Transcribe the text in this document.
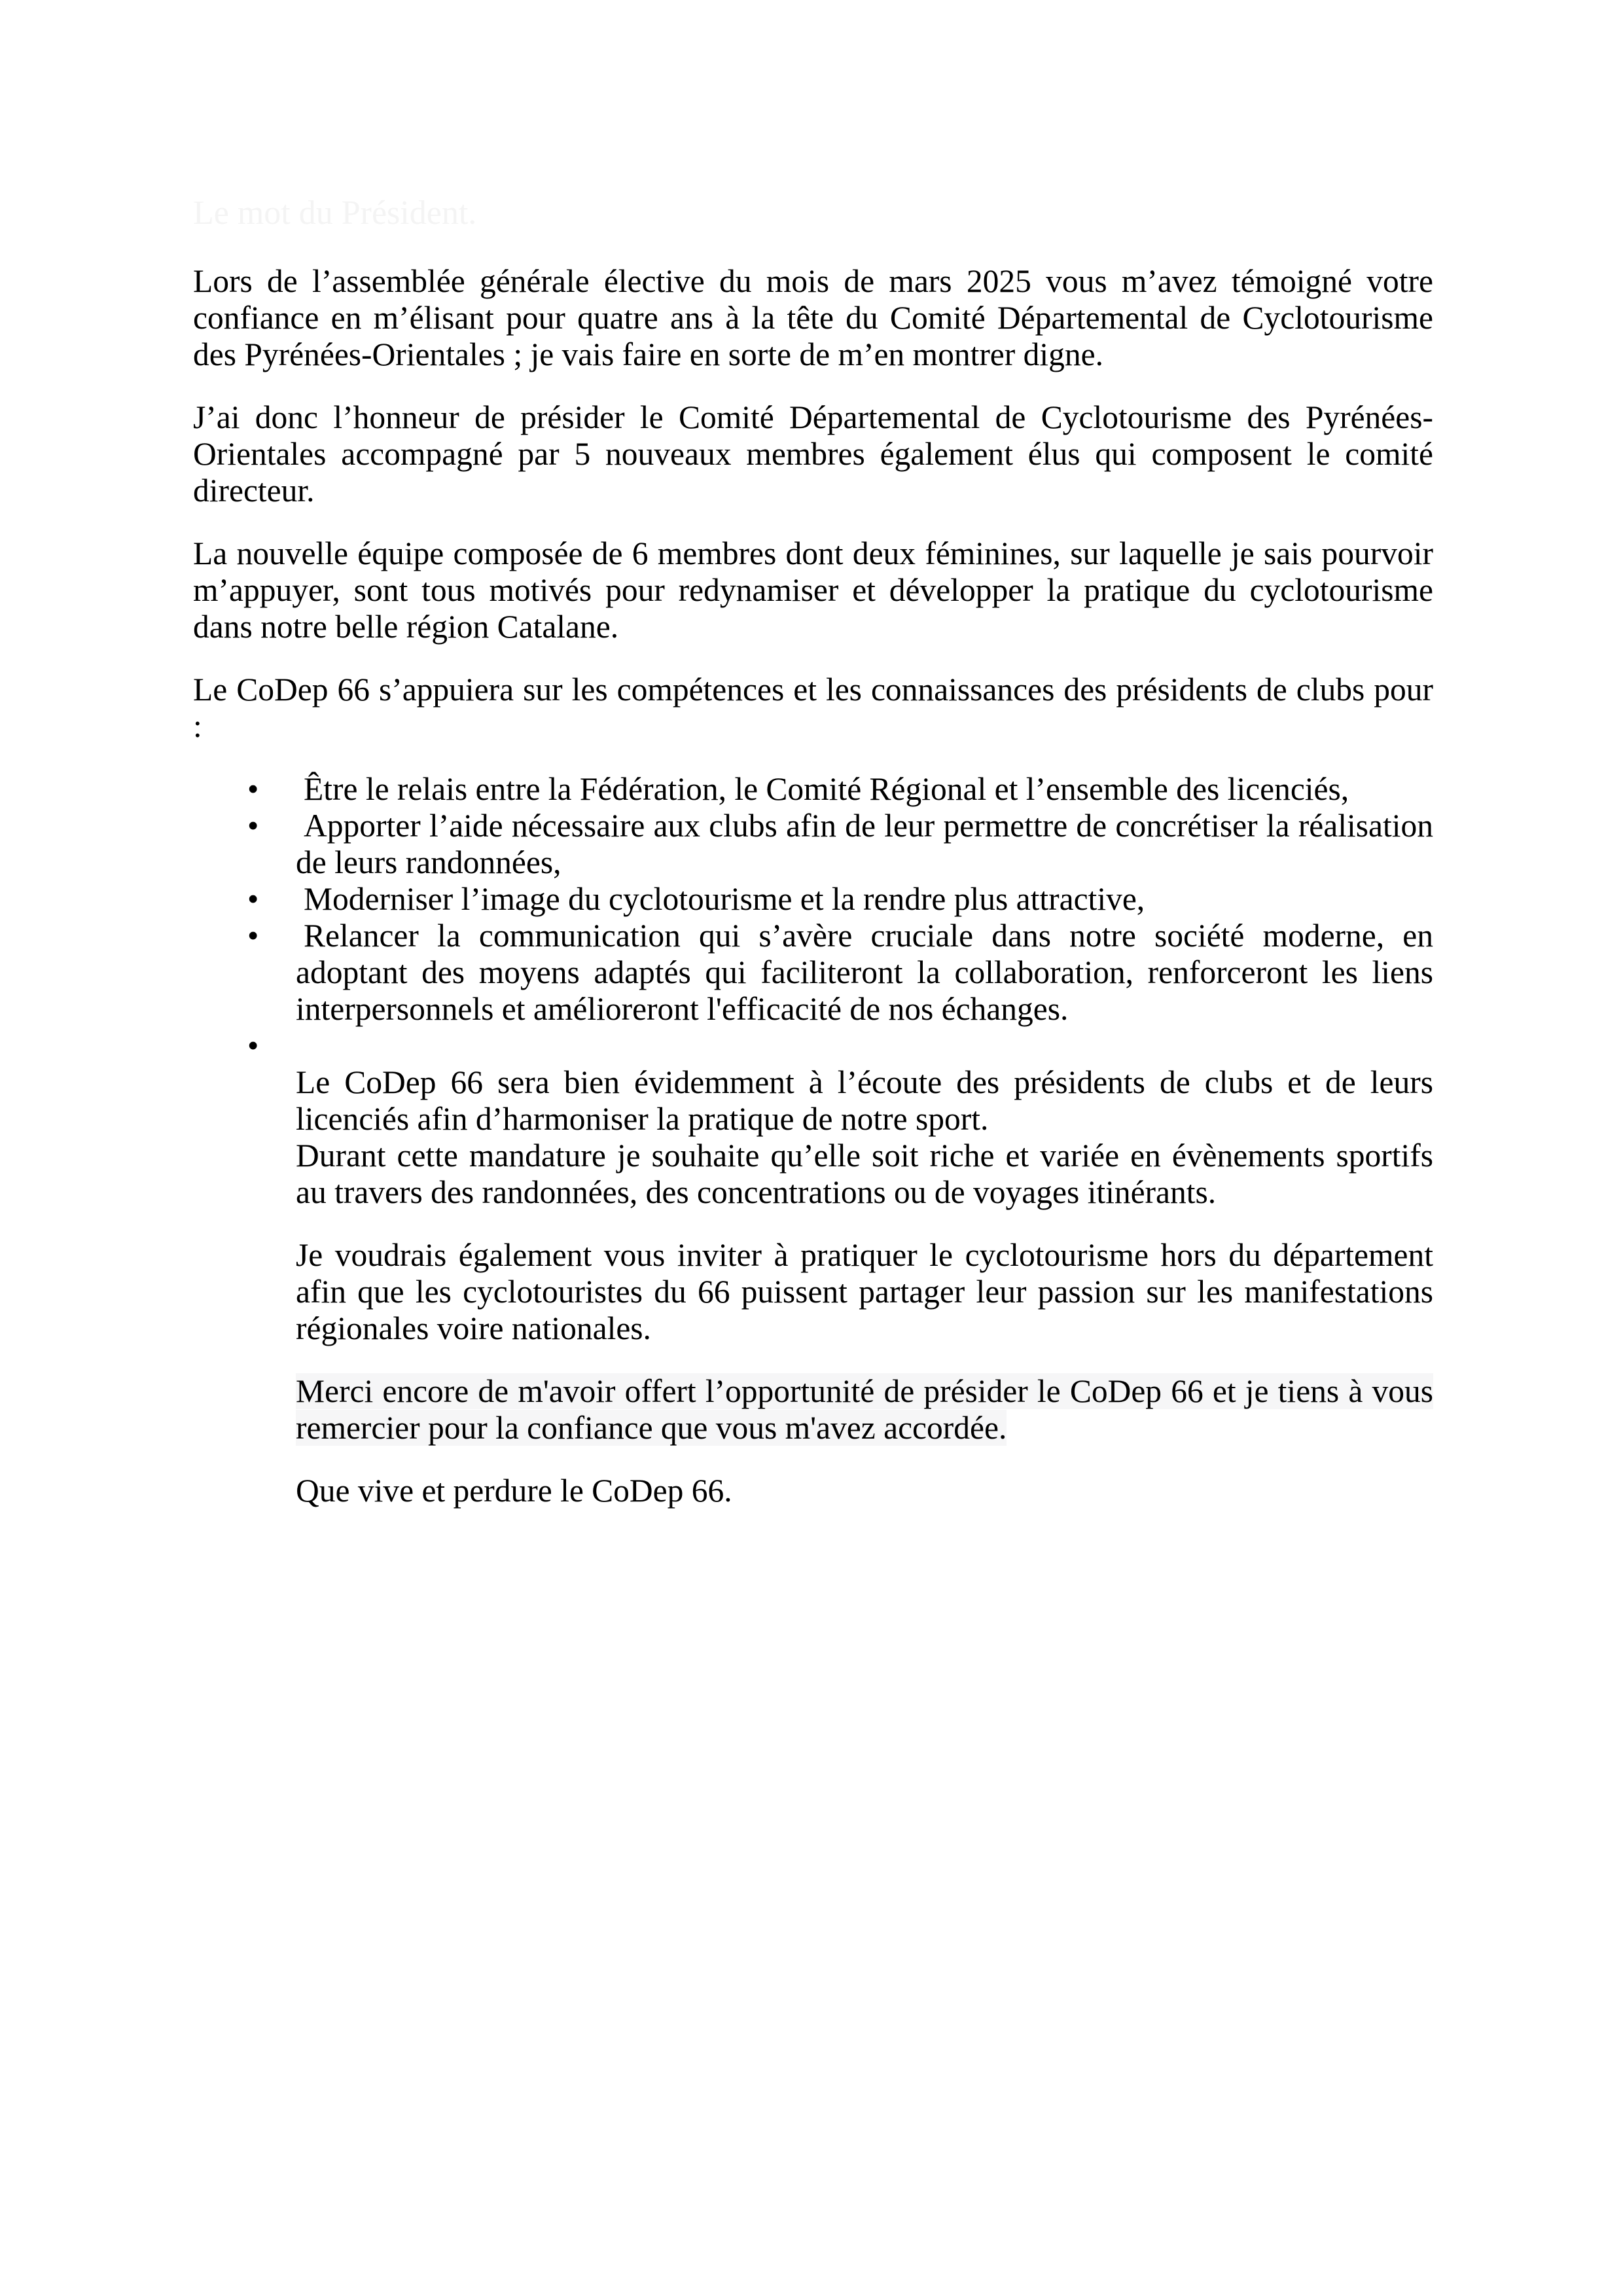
Le mot du Président.

Lors de l’assemblée générale élective du mois de mars 2025 vous m’avez témoigné votre confiance en m’élisant pour quatre ans à la tête du Comité Départemental de Cyclotourisme des Pyrénées-Orientales ; je vais faire en sorte de m’en montrer digne.

J’ai donc l’honneur de présider le Comité Départemental de Cyclotourisme des Pyrénées-Orientales accompagné par 5 nouveaux membres également élus qui composent le comité directeur.

La nouvelle équipe composée de 6 membres dont deux féminines, sur laquelle je sais pourvoir m’appuyer, sont tous motivés pour redynamiser et développer la pratique du cyclotourisme dans notre belle région Catalane.

Le CoDep 66 s’appuiera sur les compétences et les connaissances des présidents de clubs pour :

• Être le relais entre la Fédération, le Comité Régional et l’ensemble des licenciés,
• Apporter l’aide nécessaire aux clubs afin de leur permettre de concrétiser la réalisation de leurs randonnées,
• Moderniser l’image du cyclotourisme et la rendre plus attractive,
• Relancer la communication qui s’avère cruciale dans notre société moderne, en adoptant des moyens adaptés qui faciliteront la collaboration, renforceront les liens interpersonnels et amélioreront l'efficacité de nos échanges.
•

Le CoDep 66 sera bien évidemment à l’écoute des présidents de clubs et de leurs licenciés afin d’harmoniser la pratique de notre sport.

Durant cette mandature je souhaite qu’elle soit riche et variée en évènements sportifs au travers des randonnées, des concentrations ou de voyages itinérants.

Je voudrais également vous inviter à pratiquer le cyclotourisme hors du département afin que les cyclotouristes du 66 puissent partager leur passion sur les manifestations régionales voire nationales.

Merci encore de m'avoir offert l’opportunité de présider le CoDep 66 et je tiens à vous remercier pour la confiance que vous m'avez accordée.

Que vive et perdure le CoDep 66.
